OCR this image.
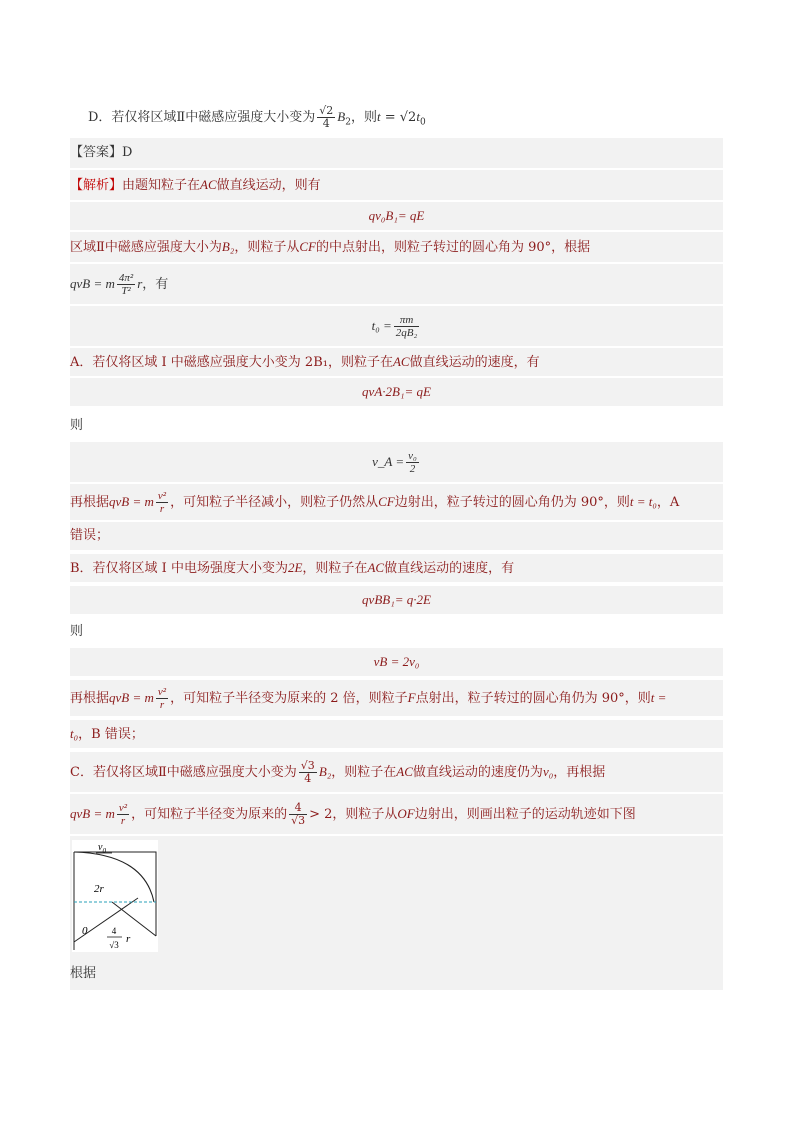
D．若仅将区域Ⅱ中磁感应强度大小变为 $\frac{√2}{4} B_2$，则$t = √2t_0$
【答案】D
【解析】由题知粒子在AC做直线运动，则有
qv₀B₁= qE
区域Ⅱ中磁感应强度大小为B₂，则粒子从CF的中点射出，则粒子转过的圆心角为 90°，根据
qvB = m $\frac{\text{4π²}}{\text{T²}}$ r，有
$t_0 = \frac{\pi m}{\text{2qB₂}}$
A．若仅将区域 I 中磁感应强度大小变为 2B₁，则粒子在AC做直线运动的速度，有
qvA·2B₁= qE
则
v_A = $\frac{\text{v₀}}{2}$
再根据qvB = m $\frac{\text{v²}}{r}$ ，可知粒子半径减小，则粒子仍然从CF边射出，粒子转过的圆心角仍为 90°，则t = t₀，A
错误；
B．若仅将区域 I 中电场强度大小变为2E，则粒子在AC做直线运动的速度，有
qvBB₁= q·2E
则
vB = 2v₀
再根据qvB = m $\frac{\text{v²}}{r}$ ，可知粒子半径变为原来的 2 倍，则粒子F点射出，粒子转过的圆心角仍为 90°，则t =
t₀，B 错误；
C．若仅将区域Ⅱ中磁感应强度大小变为 $\frac{√3}{4} B_2$，则粒子在AC做直线运动的速度仍为v₀，再根据
qvB = m $\frac{\text{v²}}{r}$ ，可知粒子半径变为原来的 $\frac{4}{√3} > 2$，则粒子从OF边射出，则画出粒子的运动轨迹如下图
$v_0$
2r
0	4
√3 r
根据
